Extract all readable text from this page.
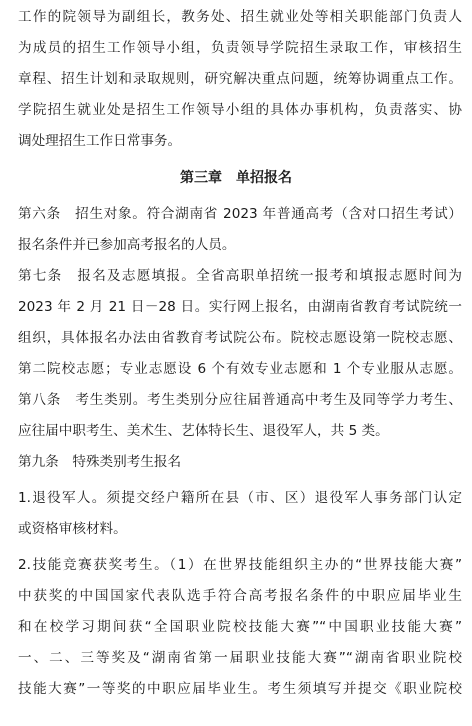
工作的院领导为副组长，教务处、招生就业处等相关职能部门负责人
为成员的招生工作领导小组，负责领导学院招生录取工作，审核招生
章程、招生计划和录取规则，研究解决重点问题，统筹协调重点工作。
学院招生就业处是招生工作领导小组的具体办事机构，负责落实、协
调处理招生工作日常事务。
第三章　单招报名
第六条　招生对象。符合湖南省 2023 年普通高考（含对口招生考试）
报名条件并已参加高考报名的人员。
第七条　报名及志愿填报。全省高职单招统一报考和填报志愿时间为
2023 年 2 月 21 日－28 日。实行网上报名，由湖南省教育考试院统一
组织，具体报名办法由省教育考试院公布。院校志愿设第一院校志愿、
第二院校志愿；专业志愿设 6 个有效专业志愿和 1 个专业服从志愿。
第八条　考生类别。考生类别分应往届普通高中考生及同等学力考生、
应往届中职考生、美术生、艺体特长生、退役军人，共 5 类。
第九条　特殊类别考生报名
1.退役军人。须提交经户籍所在县（市、区）退役军人事务部门认定
或资格审核材料。
2.技能竞赛获奖考生。（1）在世界技能组织主办的“世界技能大赛”
中获奖的中国国家代表队选手符合高考报名条件的中职应届毕业生
和在校学习期间获“全国职业院校技能大赛”“中国职业技能大赛”
一、二、三等奖及“湖南省第一届职业技能大赛”“湖南省职业院校
技能大赛”一等奖的中职应届毕业生。考生须填写并提交《职业院校
